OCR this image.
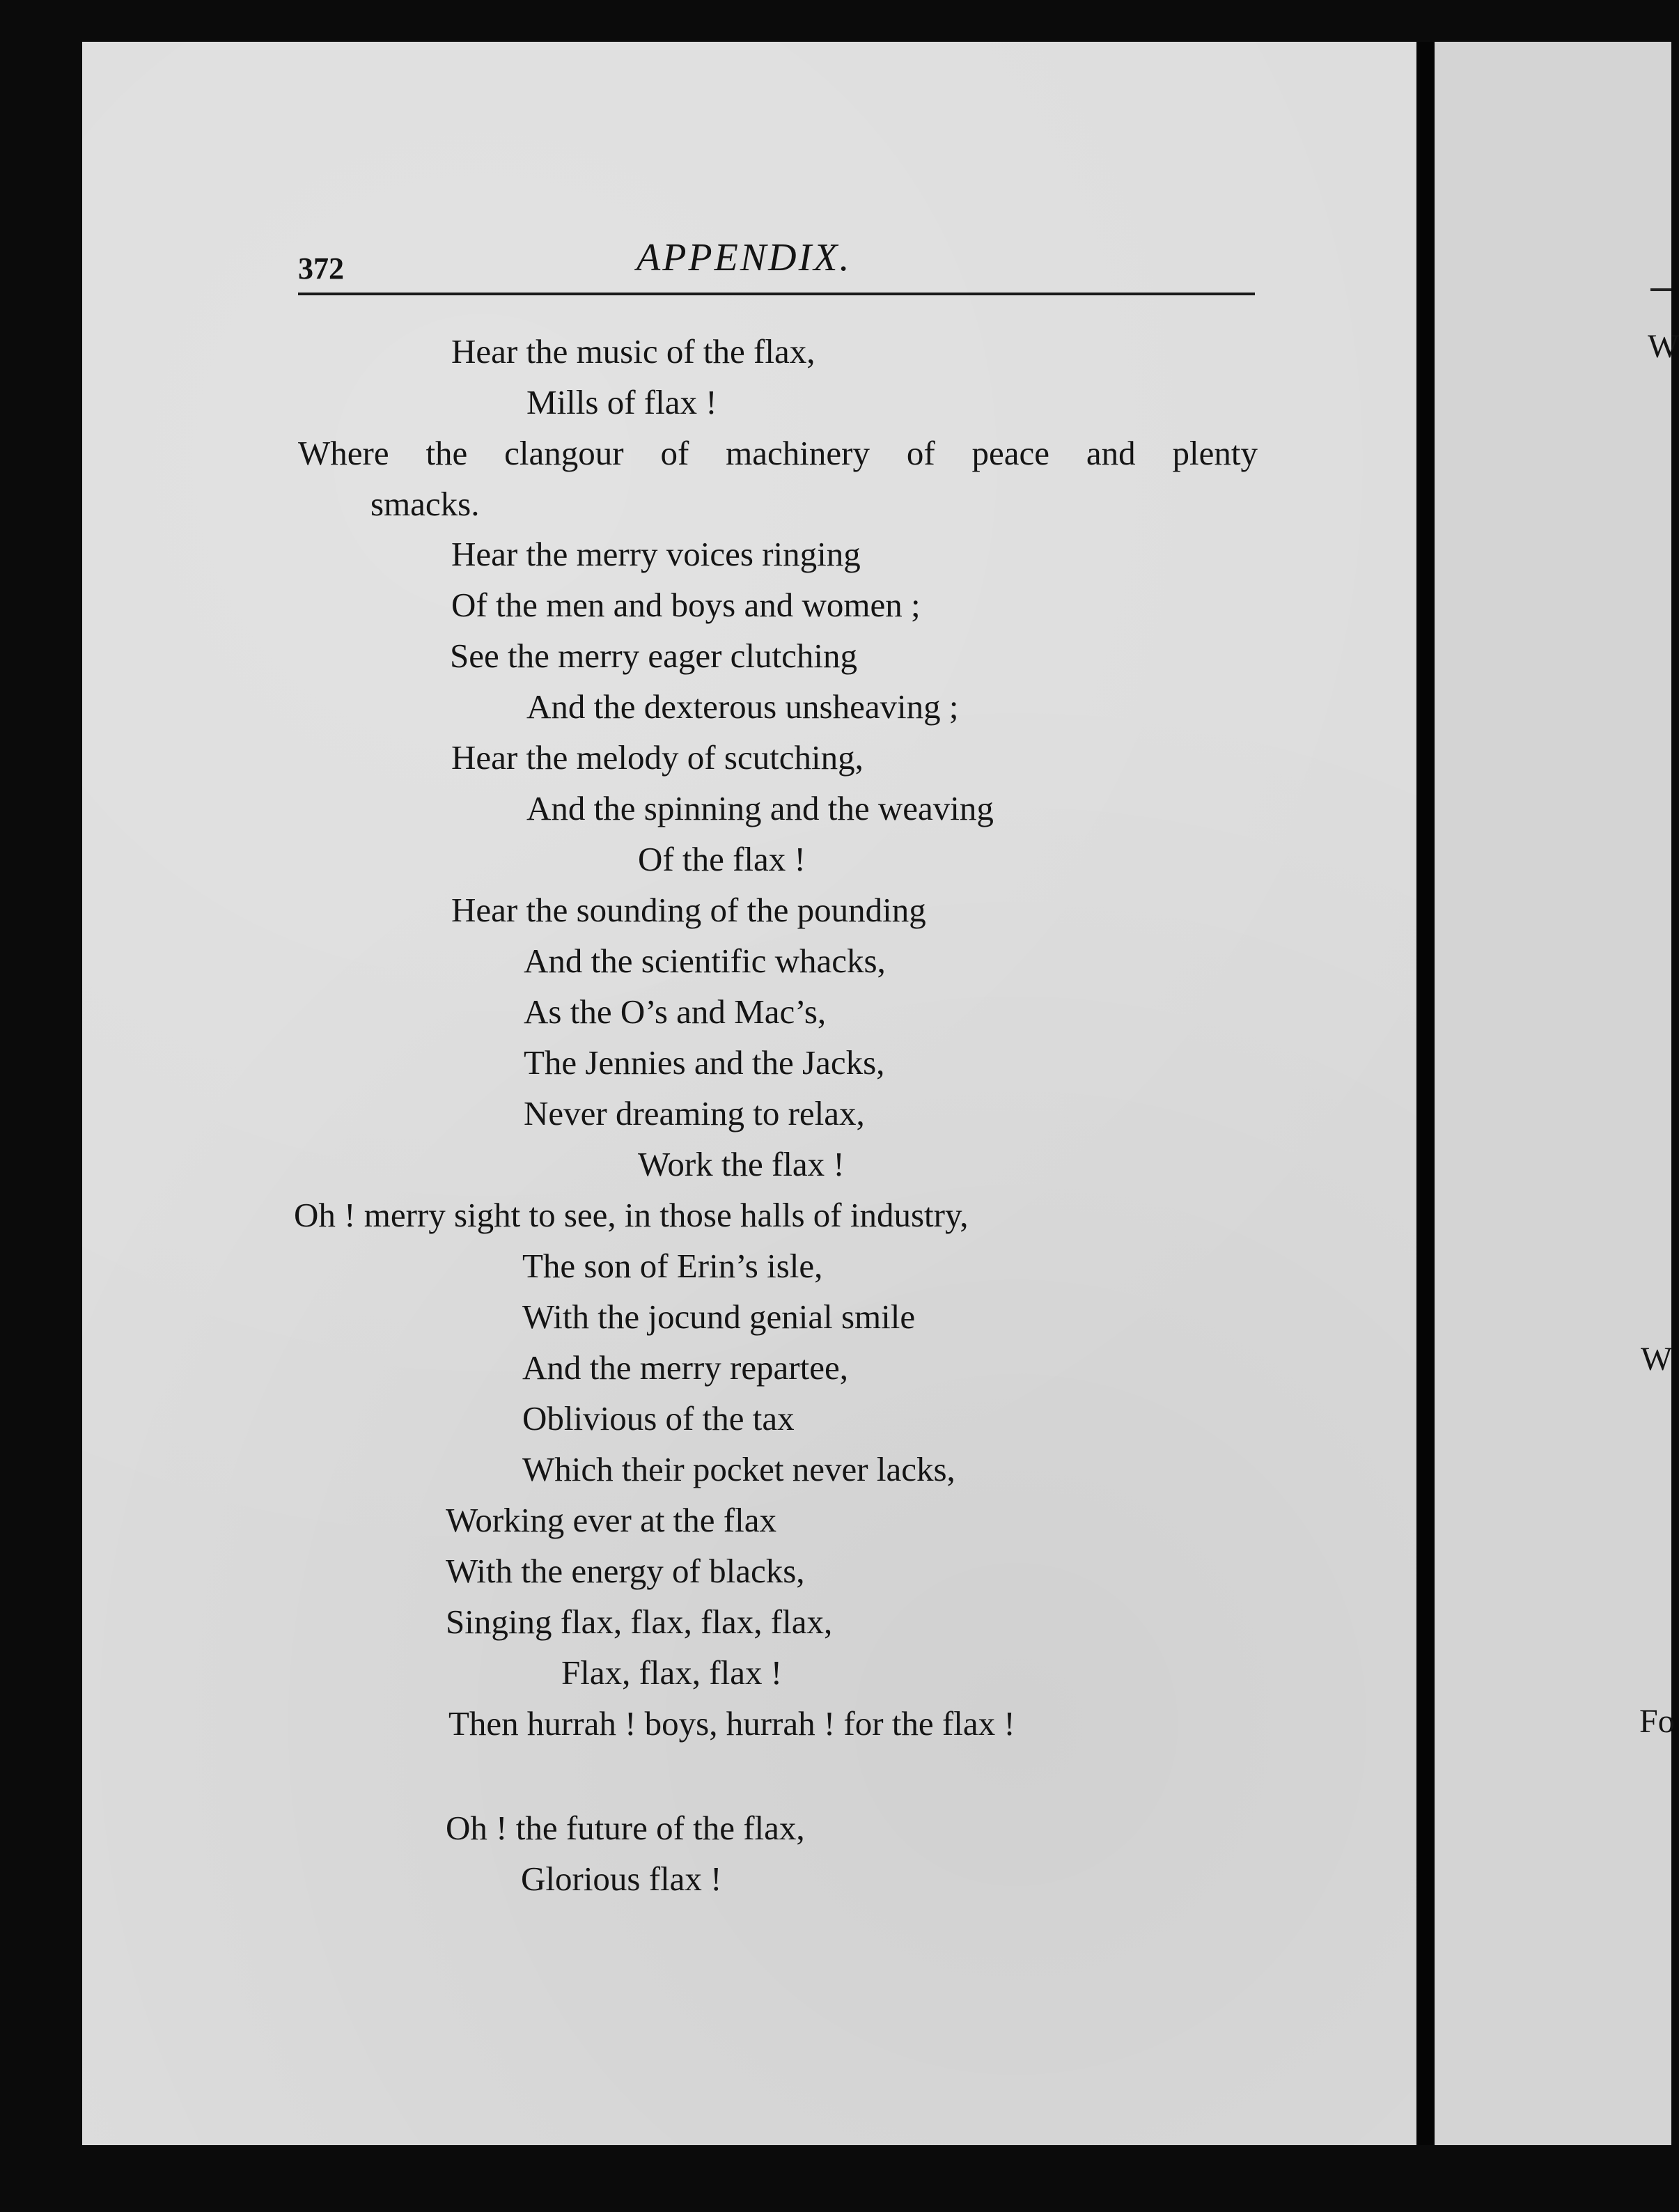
W
W
Fo
372	APPENDIX.
Hear the music of the flax,
Mills of flax !
Where the clangour of machinery of peace and plenty
smacks.
Hear the merry voices ringing
Of the men and boys and women ;
See the merry eager clutching
And the dexterous unsheaving ;
Hear the melody of scutching,
And the spinning and the weaving
Of the flax !
Hear the sounding of the pounding
And the scientific whacks,
As the O’s and Mac’s,
The Jennies and the Jacks,
Never dreaming to relax,
Work the flax !
Oh ! merry sight to see, in those halls of industry,
The son of Erin’s isle,
With the jocund genial smile
And the merry repartee,
Oblivious of the tax
Which their pocket never lacks,
Working ever at the flax
With the energy of blacks,
Singing flax, flax, flax, flax,
Flax, flax, flax !
Then hurrah ! boys, hurrah ! for the flax !
Oh ! the future of the flax,
Glorious flax !
